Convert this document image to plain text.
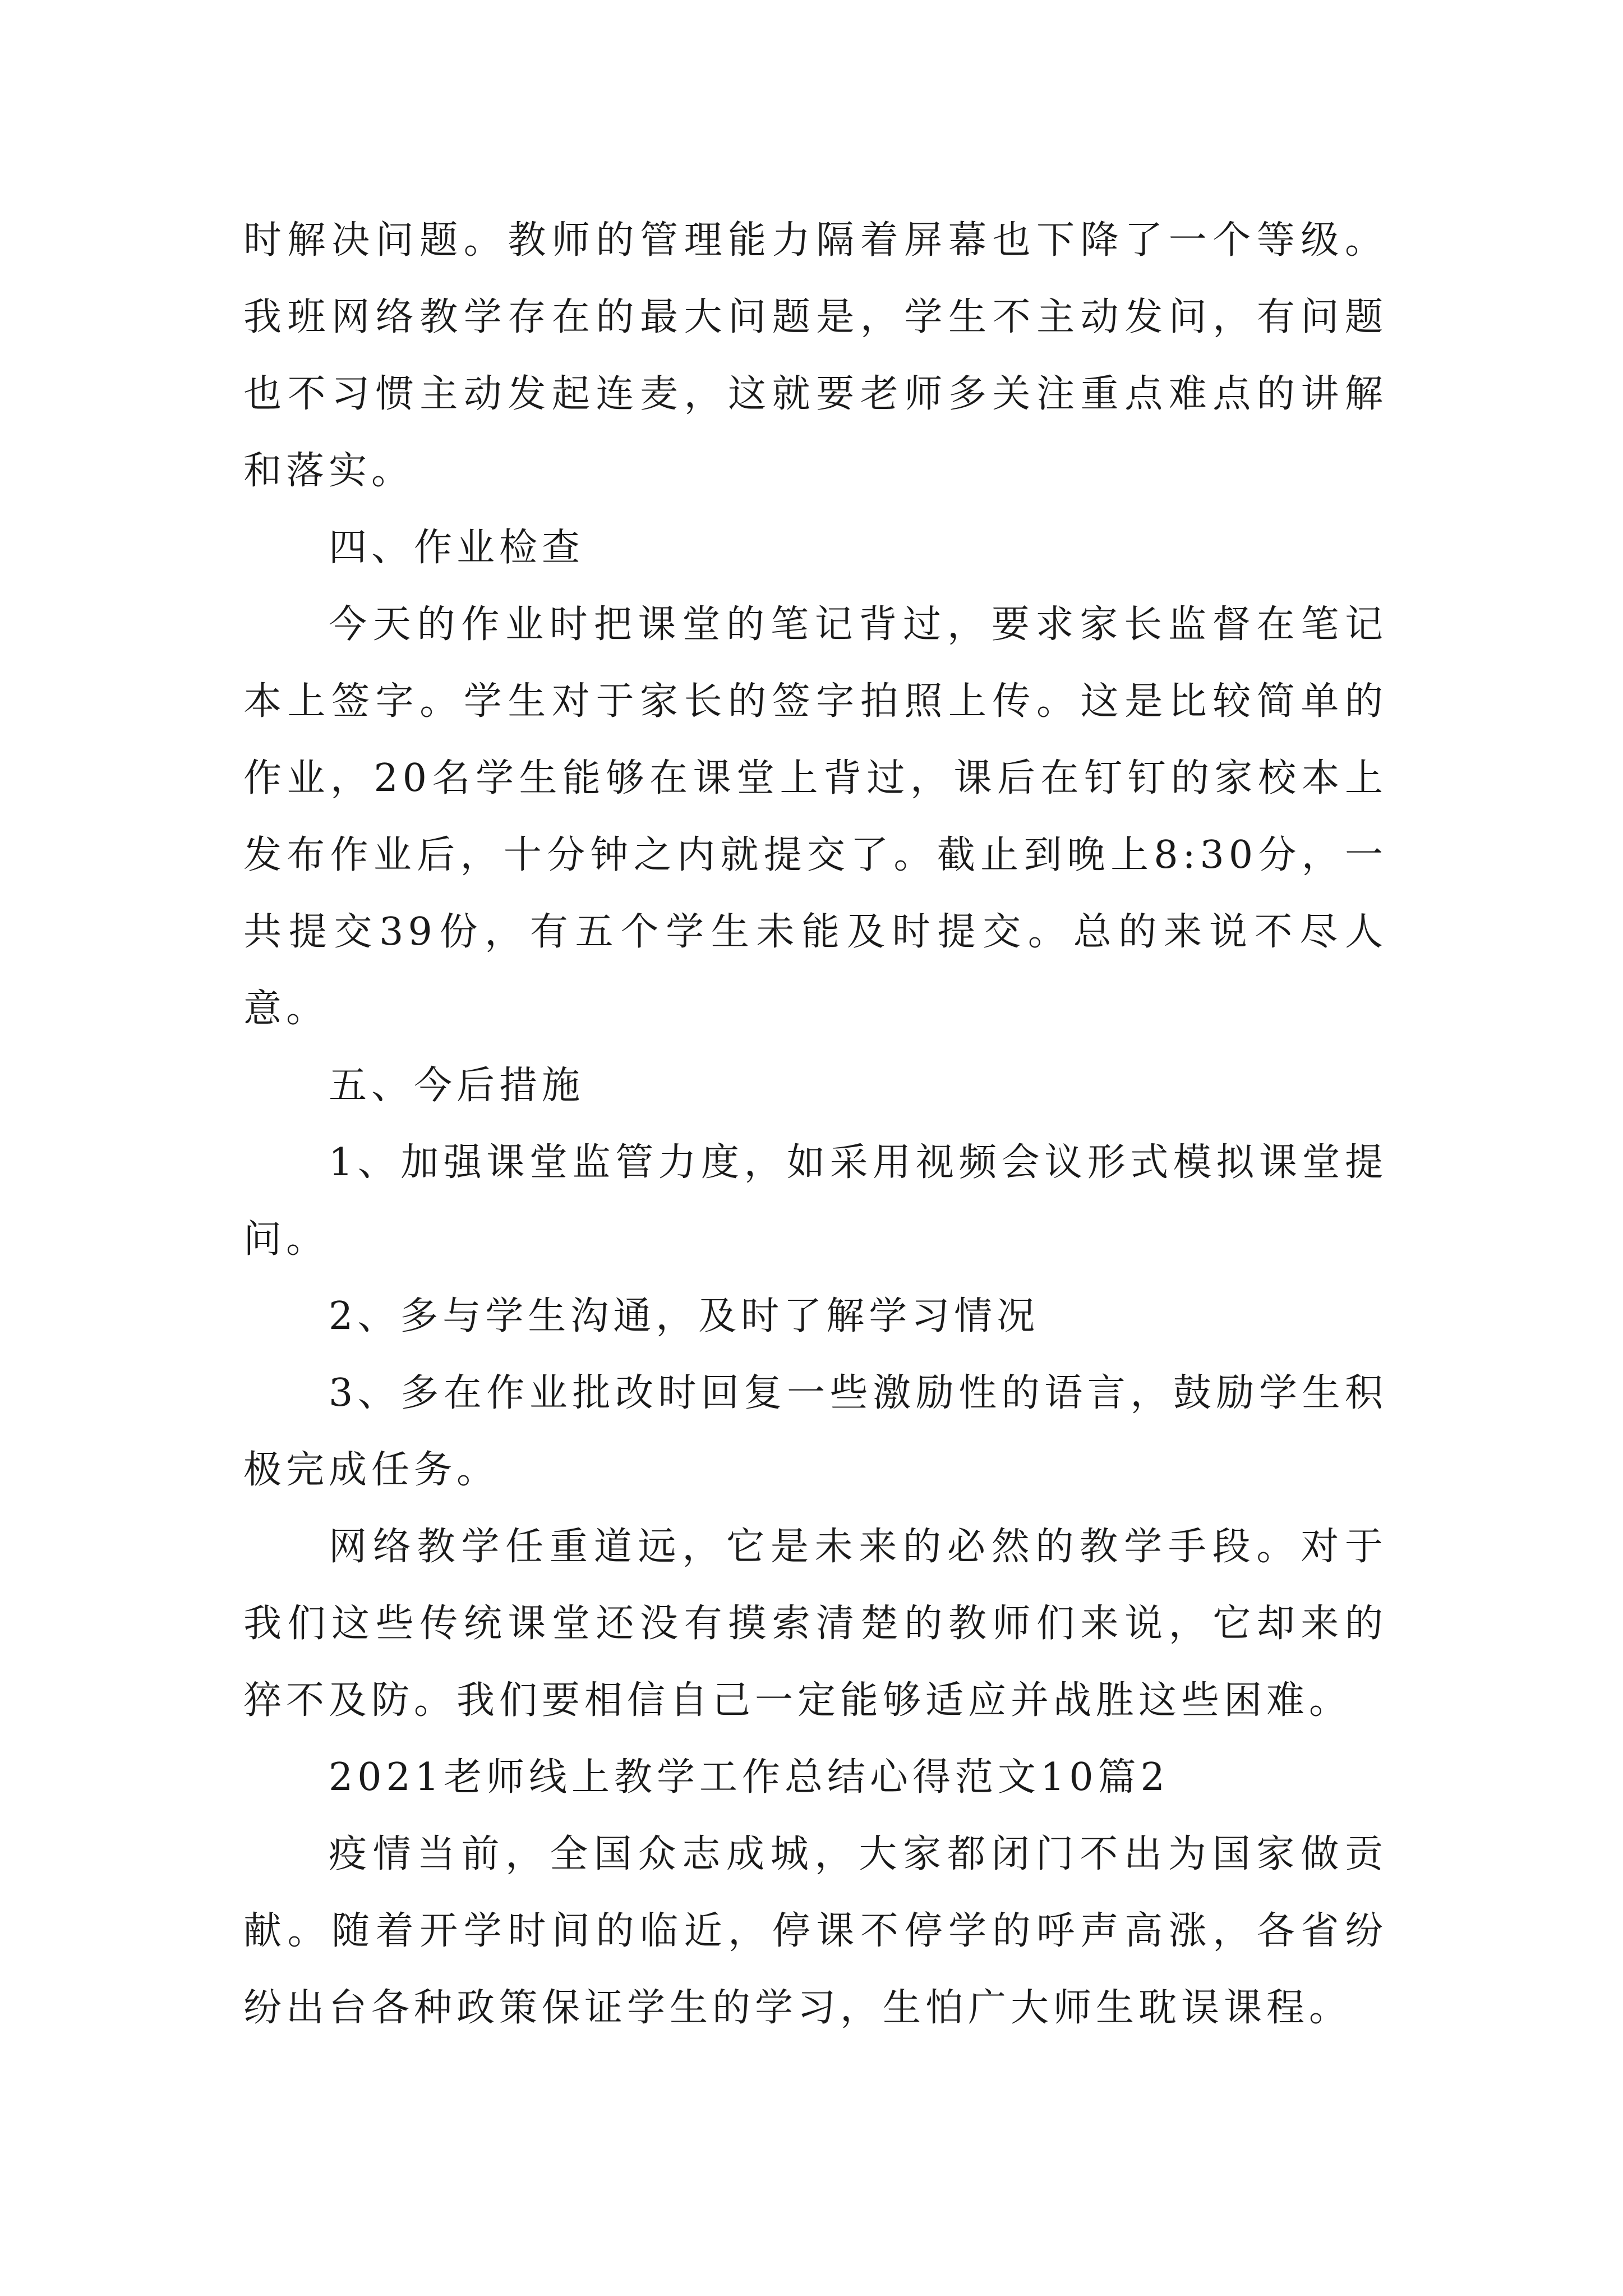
时解决问题。教师的管理能力隔着屏幕也下降了一个等级。我班网络教学存在的最大问题是，学生不主动发问，有问题也不习惯主动发起连麦，这就要老师多关注重点难点的讲解和落实。

四、作业检查

今天的作业时把课堂的笔记背过，要求家长监督在笔记本上签字。学生对于家长的签字拍照上传。这是比较简单的作业，20名学生能够在课堂上背过，课后在钉钉的家校本上发布作业后，十分钟之内就提交了。截止到晚上8:30分，一共提交39份，有五个学生未能及时提交。总的来说不尽人意。

五、今后措施

1、加强课堂监管力度，如采用视频会议形式模拟课堂提问。

2、多与学生沟通，及时了解学习情况

3、多在作业批改时回复一些激励性的语言，鼓励学生积极完成任务。

网络教学任重道远，它是未来的必然的教学手段。对于我们这些传统课堂还没有摸索清楚的教师们来说，它却来的猝不及防。我们要相信自己一定能够适应并战胜这些困难。

2021老师线上教学工作总结心得范文10篇2

疫情当前，全国众志成城，大家都闭门不出为国家做贡献。随着开学时间的临近，停课不停学的呼声高涨，各省纷纷出台各种政策保证学生的学习，生怕广大师生耽误课程。
